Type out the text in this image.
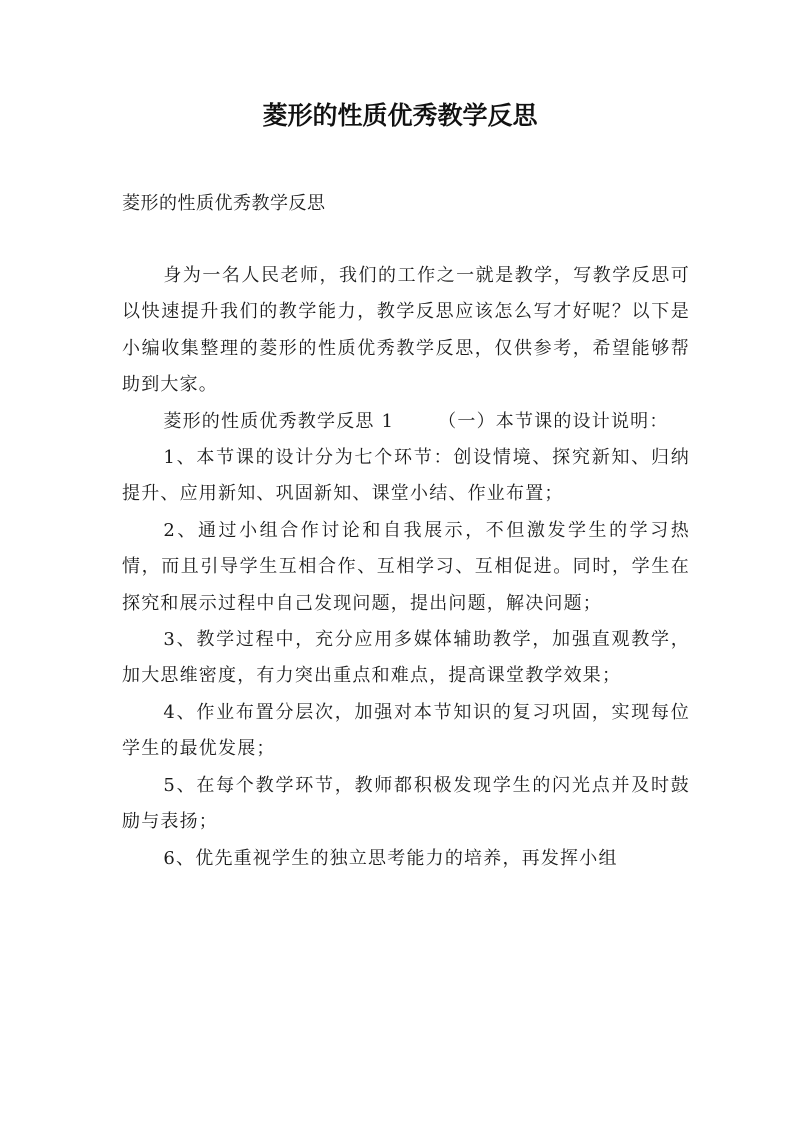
菱形的性质优秀教学反思

菱形的性质优秀教学反思

身为一名人民老师，我们的工作之一就是教学，写教学反思可以快速提升我们的教学能力，教学反思应该怎么写才好呢？以下是小编收集整理的菱形的性质优秀教学反思，仅供参考，希望能够帮助到大家。

菱形的性质优秀教学反思 1 （一）本节课的设计说明：

1、本节课的设计分为七个环节：创设情境、探究新知、归纳提升、应用新知、巩固新知、课堂小结、作业布置；

2、通过小组合作讨论和自我展示，不但激发学生的学习热情，而且引导学生互相合作、互相学习、互相促进。同时，学生在探究和展示过程中自己发现问题，提出问题，解决问题；

3、教学过程中，充分应用多媒体辅助教学，加强直观教学，加大思维密度，有力突出重点和难点，提高课堂教学效果；

4、作业布置分层次，加强对本节知识的复习巩固，实现每位学生的最优发展；

5、在每个教学环节，教师都积极发现学生的闪光点并及时鼓励与表扬；

6、优先重视学生的独立思考能力的培养，再发挥小组
